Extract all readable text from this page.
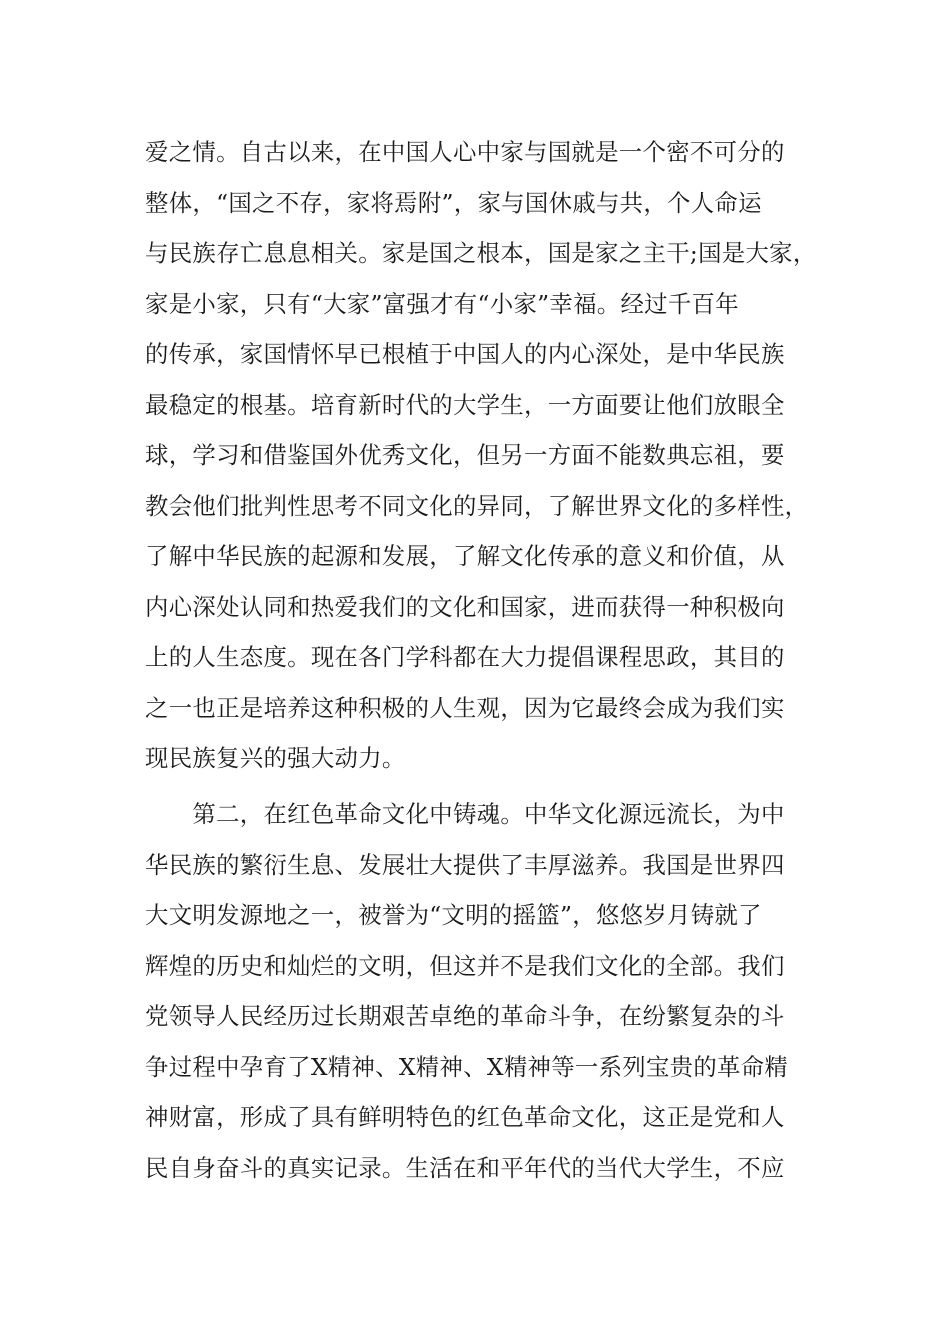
爱之情。自古以来，在中国人心中家与国就是一个密不可分的
整体，“国之不存，家将焉附”，家与国休戚与共，个人命运
与民族存亡息息相关。家是国之根本，国是家之主干;国是大家，
家是小家，只有“大家”富强才有“小家”幸福。经过千百年
的传承，家国情怀早已根植于中国人的内心深处，是中华民族
最稳定的根基。培育新时代的大学生，一方面要让他们放眼全
球，学习和借鉴国外优秀文化，但另一方面不能数典忘祖，要
教会他们批判性思考不同文化的异同，了解世界文化的多样性，
了解中华民族的起源和发展，了解文化传承的意义和价值，从
内心深处认同和热爱我们的文化和国家，进而获得一种积极向
上的人生态度。现在各门学科都在大力提倡课程思政，其目的
之一也正是培养这种积极的人生观，因为它最终会成为我们实
现民族复兴的强大动力。
　　第二，在红色革命文化中铸魂。中华文化源远流长，为中
华民族的繁衍生息、发展壮大提供了丰厚滋养。我国是世界四
大文明发源地之一，被誉为“文明的摇篮”，悠悠岁月铸就了
辉煌的历史和灿烂的文明，但这并不是我们文化的全部。我们
党领导人民经历过长期艰苦卓绝的革命斗争，在纷繁复杂的斗
争过程中孕育了X精神、X精神、X精神等一系列宝贵的革命精
神财富，形成了具有鲜明特色的红色革命文化，这正是党和人
民自身奋斗的真实记录。生活在和平年代的当代大学生，不应
